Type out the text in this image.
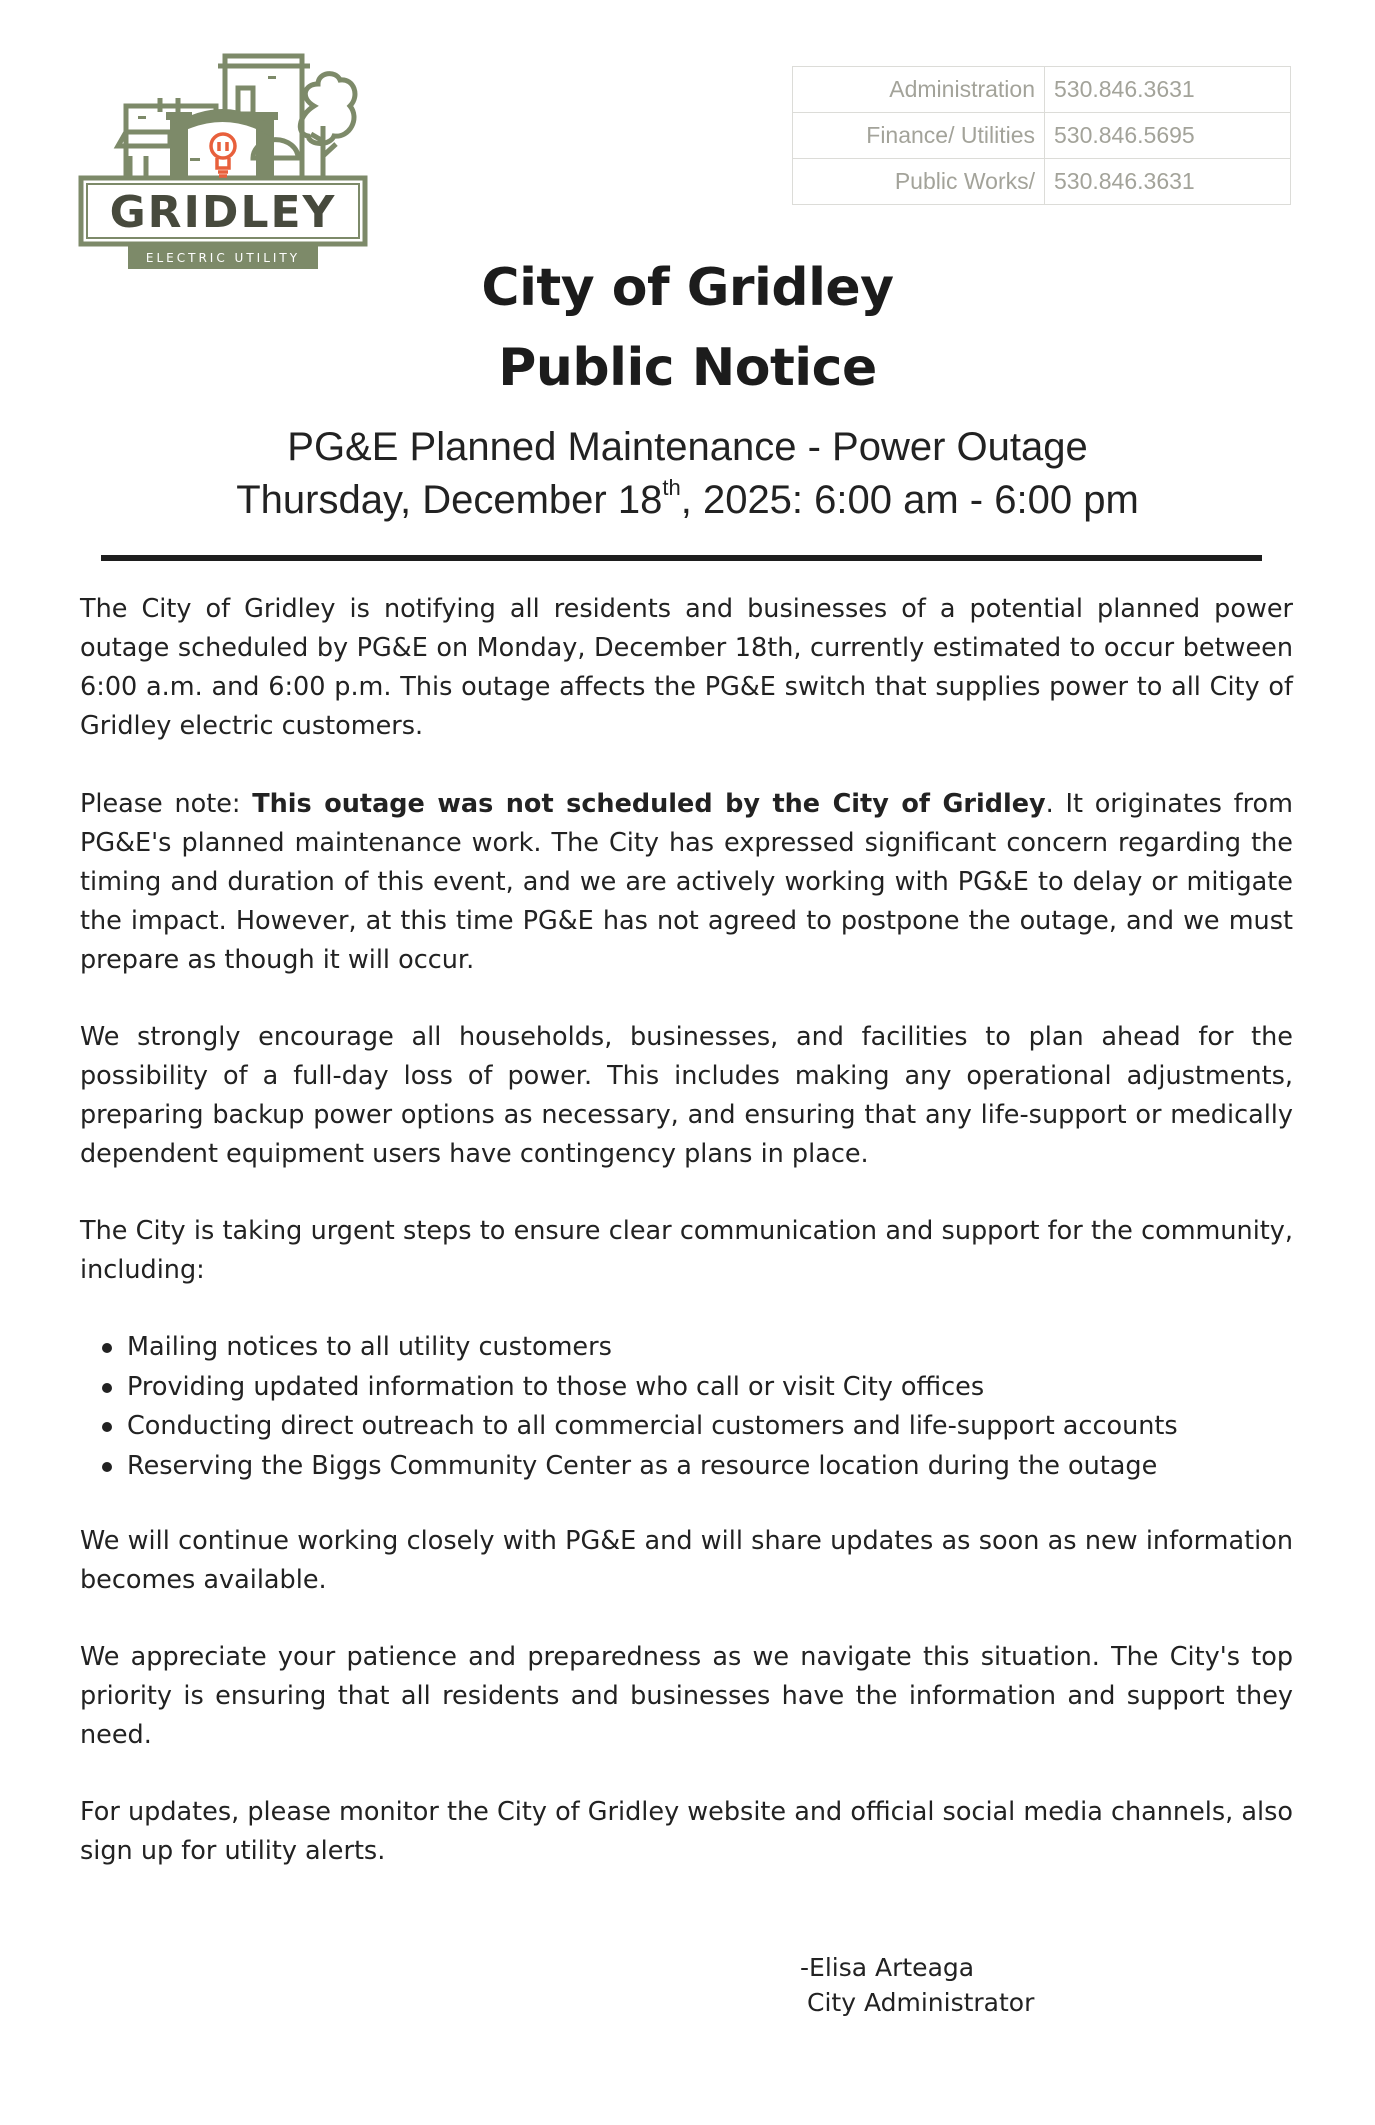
GRIDLEY
ELECTRIC UTILITY
Administration	530.846.3631
Finance/ Utilities	530.846.5695
Public Works/	530.846.3631
City of Gridley
Public Notice
PG&E Planned Maintenance - Power Outage
Thursday, December 18th, 2025: 6:00 am - 6:00 pm

The City of Gridley is notifying all residents and businesses of a potential planned power outage scheduled by PG&E on Monday, December 18th, currently estimated to occur between 6:00 a.m. and 6:00 p.m. This outage affects the PG&E switch that supplies power to all City of Gridley electric customers.

Please note: This outage was not scheduled by the City of Gridley. It originates from PG&E's planned maintenance work. The City has expressed significant concern regarding the timing and duration of this event, and we are actively working with PG&E to delay or mitigate the impact. However, at this time PG&E has not agreed to postpone the outage, and we must prepare as though it will occur.

We strongly encourage all households, businesses, and facilities to plan ahead for the possibility of a full-day loss of power. This includes making any operational adjustments, preparing backup power options as necessary, and ensuring that any life-support or medically dependent equipment users have contingency plans in place.

The City is taking urgent steps to ensure clear communication and support for the community, including:

Mailing notices to all utility customers
Providing updated information to those who call or visit City offices
Conducting direct outreach to all commercial customers and life-support accounts
Reserving the Biggs Community Center as a resource location during the outage

We will continue working closely with PG&E and will share updates as soon as new information becomes available.

We appreciate your patience and preparedness as we navigate this situation. The City's top priority is ensuring that all residents and businesses have the information and support they need.

For updates, please monitor the City of Gridley website and official social media channels, also sign up for utility alerts.

-Elisa Arteaga
City Administrator
